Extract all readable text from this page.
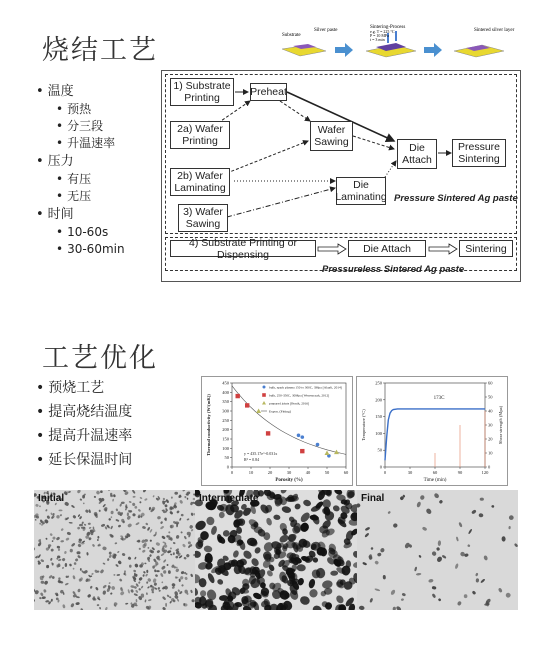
烧结工艺
• 温度
• 预热
• 分三段
• 升温速率
• 压力
• 有压
• 无压
• 时间
• 10-60s
• 30-60min
Substrate
Silver paste
Sintering-Process
e.g. T = 225 °C
P = 10 MPa
t = 3 min
Sintered silver layer
1) Substrate Printing	Preheat
2a) Wafer Printing
Wafer Sawing
2b) Wafer Laminating	Die Laminating
3) Wafer Sawing
Die Attach
Pressure Sintering
Pressure Sintered Ag paste
4) Substrate Printing or Dispensing	Die Attach	Sintering
Pressureless Sintered Ag paste
工艺优化
• 预烧工艺
• 提高烧结温度
• 提高升温速率
• 延长保温时间	0
50
100
150
200
250
300
350
400
450
0	10	20	30	40	50	60
Porosity (%)
Thermal conductivity (W/(mK))
bulk, spark plasma 150 to 300C, 3Mpa [Alayli, 2014]
bulk, 250-350C, 30Mpa [Wereszczak, 2012]
prepared joints [Bonik, 2016]
Expon. (Fitting)
y = 435.17e^-0.031x
R² = 0.84
0
50
100
150
200
250
0
10
20
30
40
50
60
0	30	60	90	120
Time (min)
Temperature (°C)	Shear strength (Mpa)
173C
Initial	Intermediate	Final
